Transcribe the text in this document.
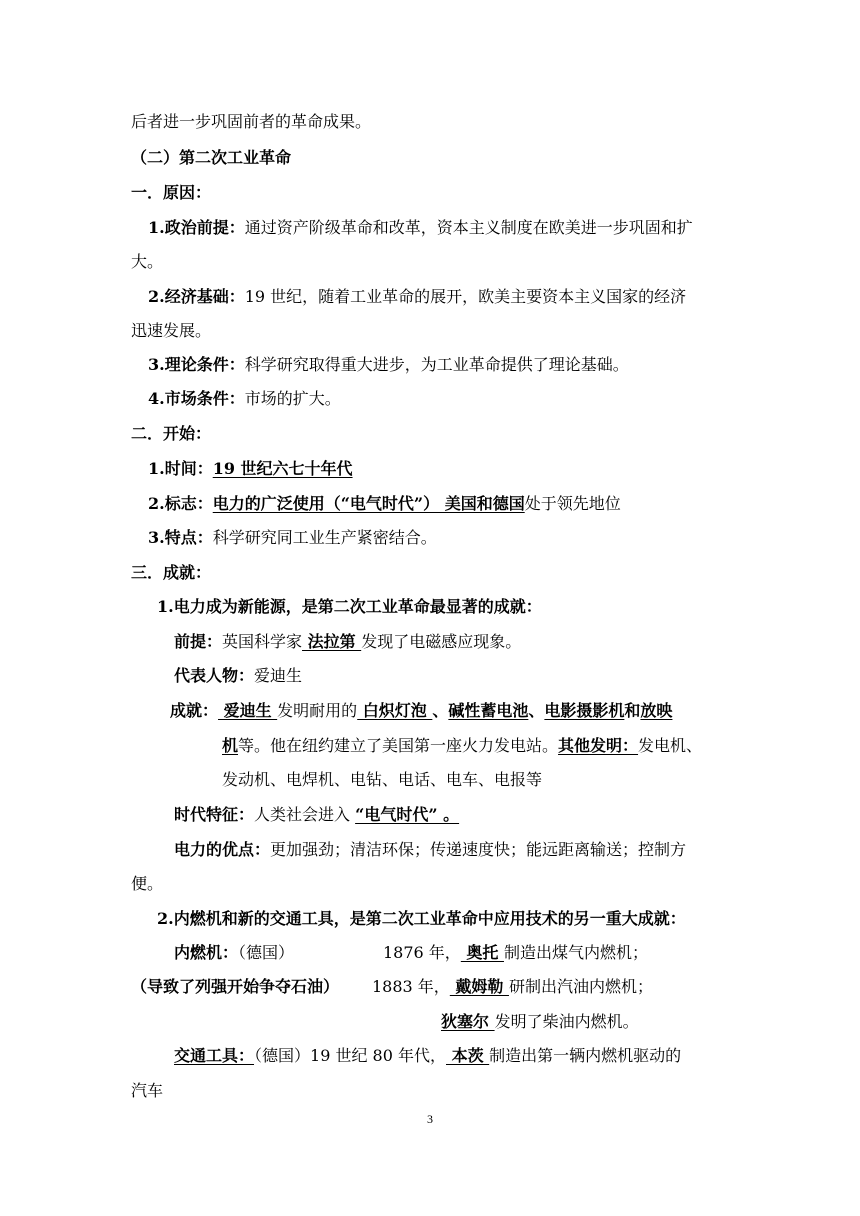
后者进一步巩固前者的革命成果。
（二）第二次工业革命
一．原因：
1.政治前提：通过资产阶级革命和改革，资本主义制度在欧美进一步巩固和扩
大。
2.经济基础：19 世纪，随着工业革命的展开，欧美主要资本主义国家的经济
迅速发展。
3.理论条件：科学研究取得重大进步，为工业革命提供了理论基础。
4.市场条件：市场的扩大。
二．开始：
1.时间：19 世纪六七十年代
2.标志：电力的广泛使用（“电气时代”） 美国和德国处于领先地位
3.特点：科学研究同工业生产紧密结合。
三．成就：
1.电力成为新能源，是第二次工业革命最显著的成就：
前提：英国科学家 法拉第 发现了电磁感应现象。
代表人物：爱迪生
成就： 爱迪生 发明耐用的 白炽灯泡 、碱性蓄电池、电影摄影机和放映
机等。他在纽约建立了美国第一座火力发电站。其他发明：发电机、
发动机、电焊机、电钻、电话、电车、电报等
时代特征：人类社会进入 “电气时代” 。
电力的优点：更加强劲；清洁环保；传递速度快；能远距离输送；控制方
便。
2.内燃机和新的交通工具，是第二次工业革命中应用技术的另一重大成就：
内燃机：（德国）	1876 年， 奥托 制造出煤气内燃机；
（导致了列强开始争夺石油） 1883 年， 戴姆勒 研制出汽油内燃机；
狄塞尔 发明了柴油内燃机。
交通工具：（德国）19 世纪 80 年代， 本茨 制造出第一辆内燃机驱动的
汽车
3
